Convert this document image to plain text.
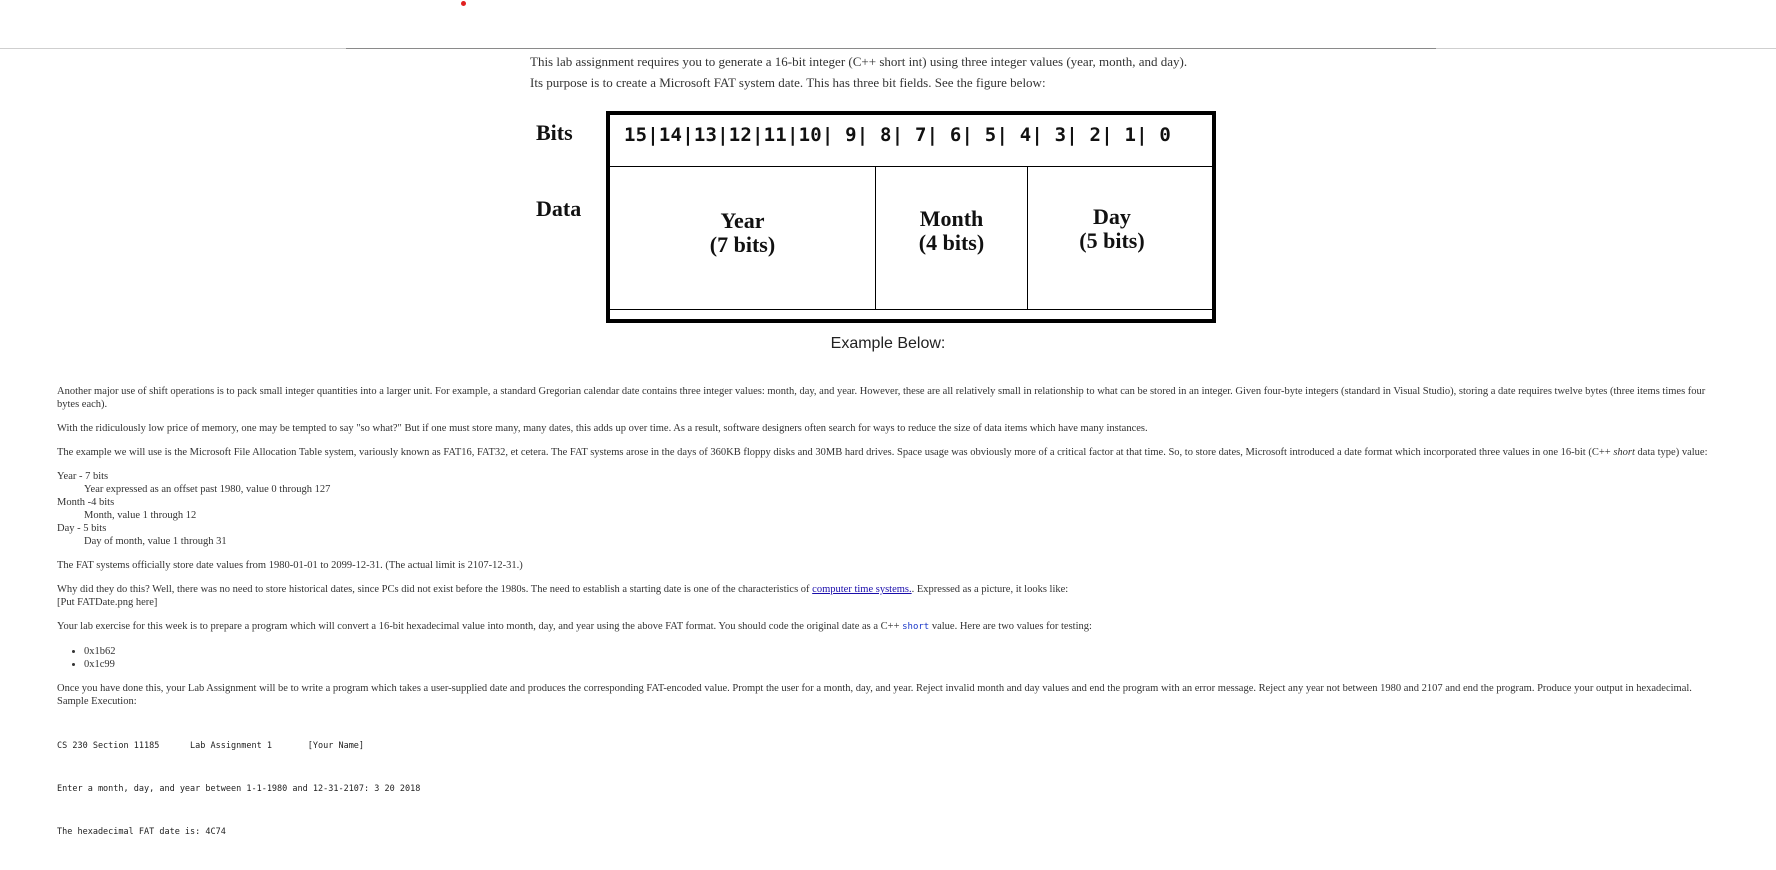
This lab assignment requires you to generate a 16-bit integer (C++ short int) using three integer values (year, month, and day).

Its purpose is to create a Microsoft FAT system date. This has three bit fields. See the figure below:

Bits
Data
15|14|13|12|11|10| 9| 8| 7| 6| 5| 4| 3| 2| 1| 0
Year
(7 bits)
Month
(4 bits)
Day
(5 bits)
Example Below:

Another major use of shift operations is to pack small integer quantities into a larger unit. For example, a standard Gregorian calendar date contains three integer values: month, day, and year. However, these are all relatively small in relationship to what can be stored in an integer. Given four-byte integers (standard in Visual Studio), storing a date requires twelve bytes (three items times four bytes each).

With the ridiculously low price of memory, one may be tempted to say "so what?" But if one must store many, many dates, this adds up over time. As a result, software designers often search for ways to reduce the size of data items which have many instances.

The example we will use is the Microsoft File Allocation Table system, variously known as FAT16, FAT32, et cetera. The FAT systems arose in the days of 360KB floppy disks and 30MB hard drives. Space usage was obviously more of a critical factor at that time. So, to store dates, Microsoft introduced a date format which incorporated three values in one 16-bit (C++ short data type) value:

Year - 7 bits
Year expressed as an offset past 1980, value 0 through 127
Month -4 bits
Month, value 1 through 12
Day - 5 bits
Day of month, value 1 through 31

The FAT systems officially store date values from 1980-01-01 to 2099-12-31. (The actual limit is 2107-12-31.)

Why did they do this? Well, there was no need to store historical dates, since PCs did not exist before the 1980s. The need to establish a starting date is one of the characteristics of computer time systems.. Expressed as a picture, it looks like:
[Put FATDate.png here]

Your lab exercise for this week is to prepare a program which will convert a 16-bit hexadecimal value into month, day, and year using the above FAT format. You should code the original date as a C++ short value. Here are two values for testing:

• 0x1b62
• 0x1c99

Once you have done this, your Lab Assignment will be to write a program which takes a user-supplied date and produces the corresponding FAT-encoded value. Prompt the user for a month, day, and year. Reject invalid month and day values and end the program with an error message. Reject any year not between 1980 and 2107 and end the program. Produce your output in hexadecimal.
Sample Execution:

CS 230 Section 11185      Lab Assignment 1       [Your Name]

Enter a month, day, and year between 1-1-1980 and 12-31-2107: 3 20 2018

The hexadecimal FAT date is: 4C74
